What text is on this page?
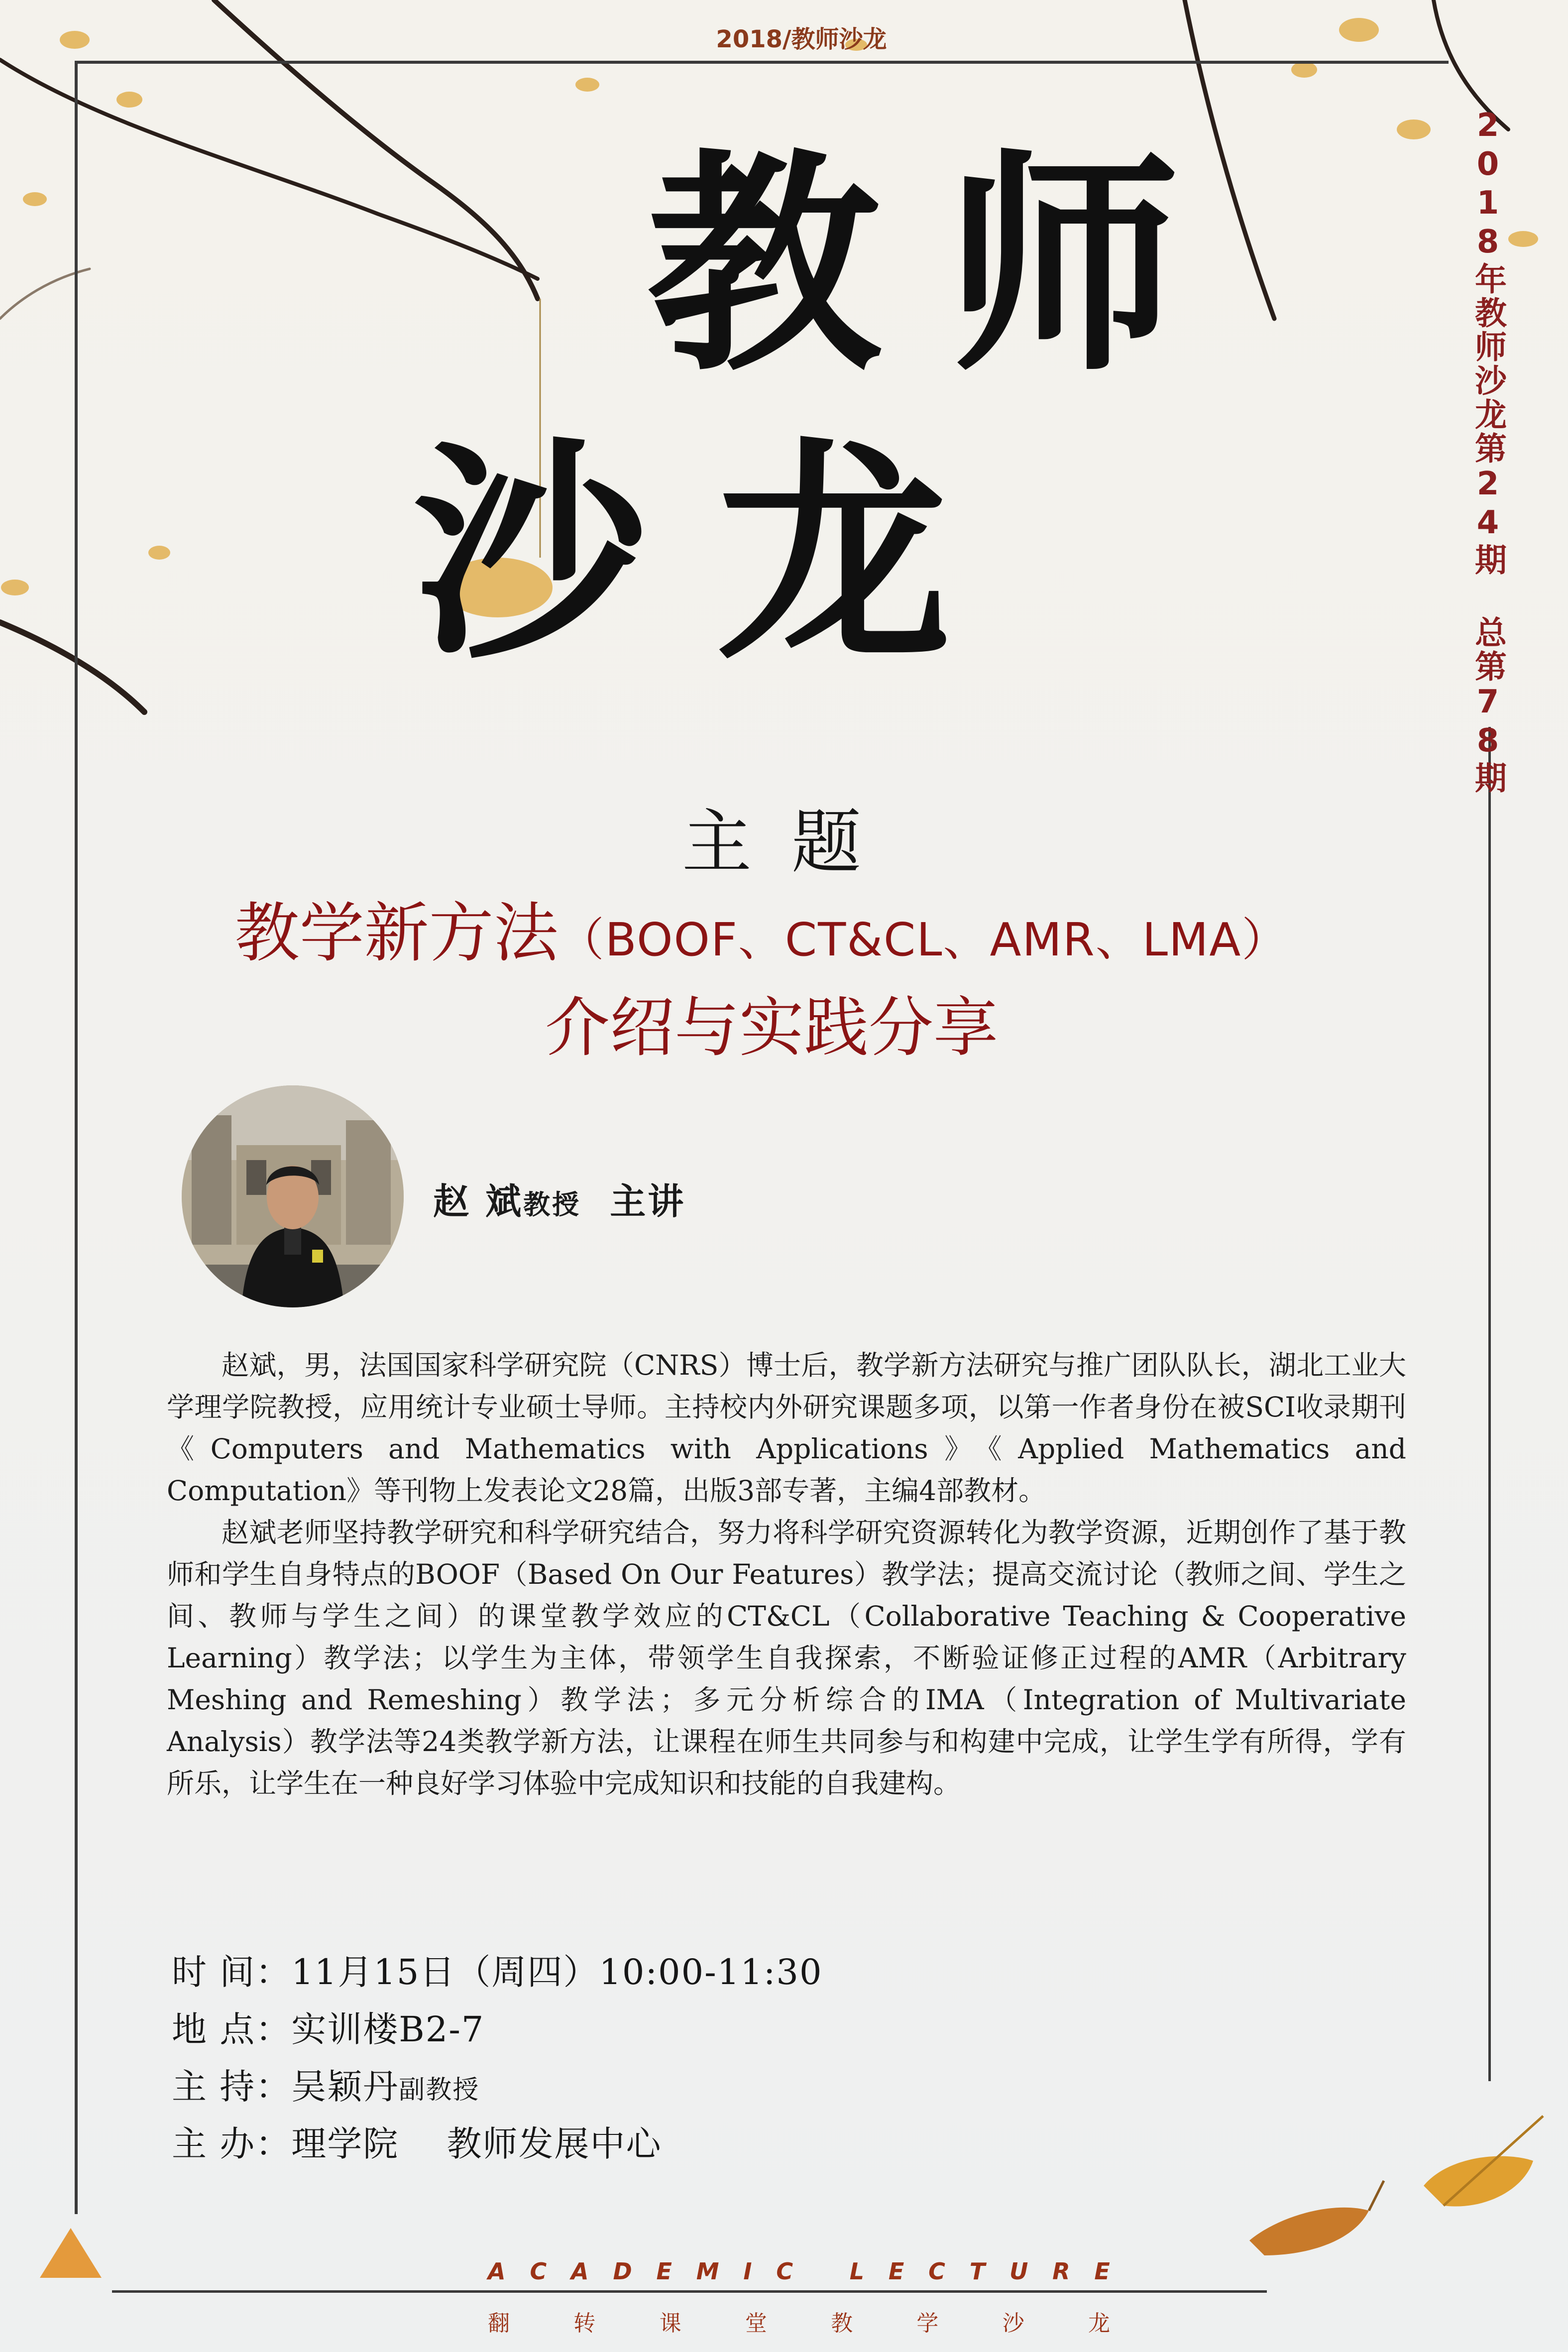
2018/教师沙龙
2018年教师沙龙第24期 总第78期
教 师
沙 龙
主题
教学新方法（BOOF、CT&CL、AMR、LMA）
介绍与实践分享
赵 斌教授 主讲

赵斌，男，法国国家科学研究院（CNRS）博士后，教学新方法研究与推广团队队长，湖北工业大学理学院教授，应用统计专业硕士导师。主持校内外研究课题多项，以第一作者身份在被SCI收录期刊《Computers and Mathematics with Applications》《Applied Mathematics and Computation》等刊物上发表论文28篇，出版3部专著，主编4部教材。

赵斌老师坚持教学研究和科学研究结合，努力将科学研究资源转化为教学资源，近期创作了基于教师和学生自身特点的BOOF（Based On Our Features）教学法；提高交流讨论（教师之间、学生之间、教师与学生之间）的课堂教学效应的CT&CL（Collaborative Teaching & Cooperative Learning）教学法；以学生为主体，带领学生自我探索，不断验证修正过程的AMR（Arbitrary Meshing and Remeshing）教学法；多元分析综合的IMA（Integration of Multivariate Analysis）教学法等24类教学新方法，让课程在师生共同参与和构建中完成，让学生学有所得，学有所乐，让学生在一种良好学习体验中完成知识和技能的自我建构。

时 间：11月15日（周四）10:00-11:30
地 点：实训楼B2-7
主 持：吴颖丹副教授
主 办：理学院　 教师发展中心
A C A D E M I C
L E C T U R E
翻	转	课	堂	教	学	沙	龙
